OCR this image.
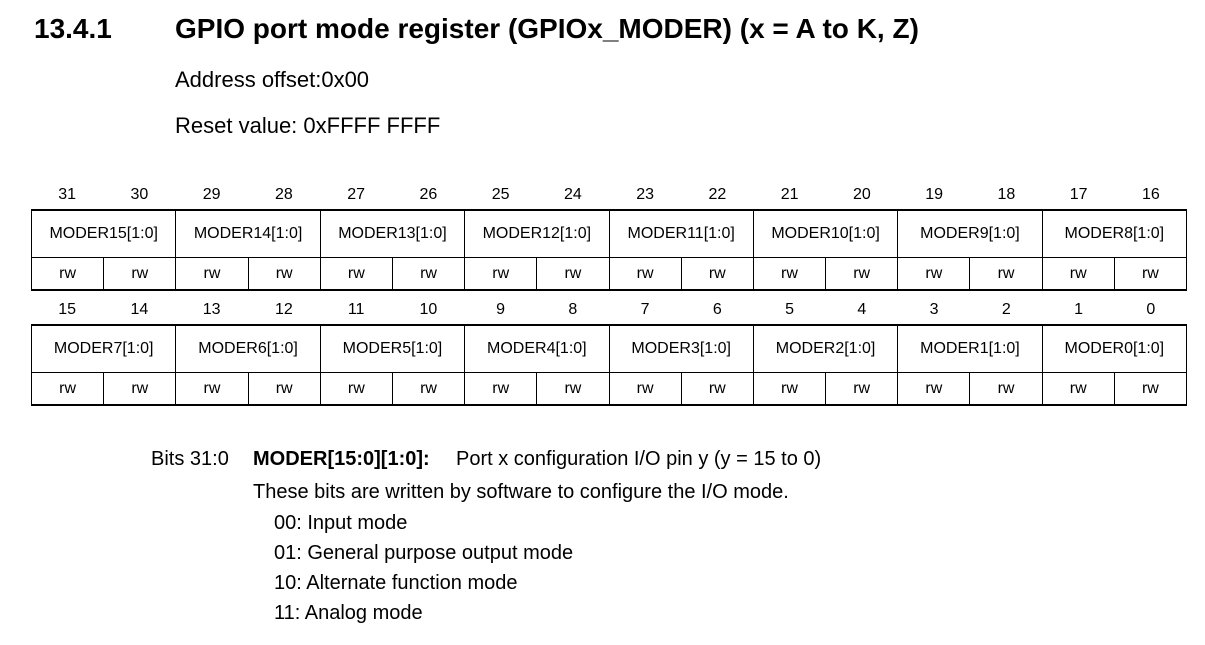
13.4.1 GPIO port mode register (GPIOx_MODER) (x = A to K, Z)
Address offset:0x00
Reset value: 0xFFFF FFFF
31	30	29	28	27	26	25	24	23	22	21	20	19	18	17	16
MODER15[1:0]		MODER14[1:0]		MODER13[1:0]		MODER12[1:0]		MODER11[1:0]		MODER10[1:0]		MODER9[1:0]		MODER8[1:0]	
rw	rw	rw	rw	rw	rw	rw	rw	rw	rw	rw	rw	rw	rw	rw	rw
15	14	13	12	11	10	9	8	7	6	5	4	3	2	1	0
MODER7[1:0]		MODER6[1:0]		MODER5[1:0]		MODER4[1:0]		MODER3[1:0]		MODER2[1:0]		MODER1[1:0]		MODER0[1:0]	
rw	rw	rw	rw	rw	rw	rw	rw	rw	rw	rw	rw	rw	rw	rw	rw
Bits 31:0 MODER[15:0][1:0]: Port x configuration I/O pin y (y = 15 to 0)
These bits are written by software to configure the I/O mode.
00: Input mode
01: General purpose output mode
10: Alternate function mode
11: Analog mode
